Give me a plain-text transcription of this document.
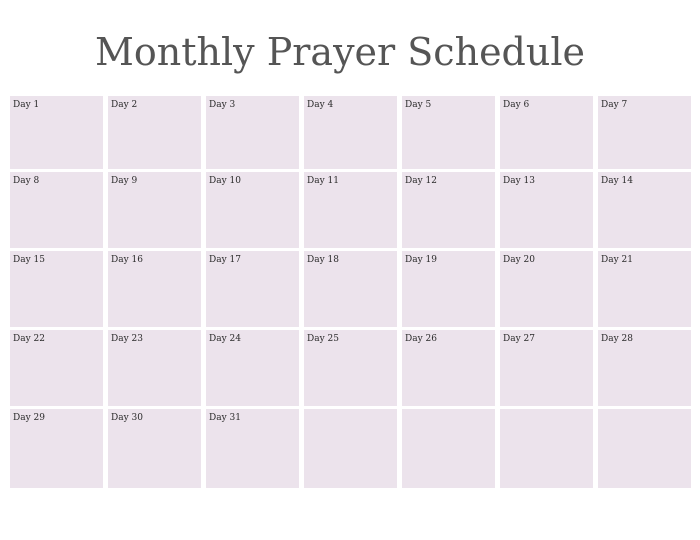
Monthly Prayer Schedule
Day 1	Day 2	Day 3	Day 4	Day 5	Day 6	Day 7
Day 8	Day 9	Day 10	Day 11	Day 12	Day 13	Day 14
Day 15	Day 16	Day 17	Day 18	Day 19	Day 20	Day 21
Day 22	Day 23	Day 24	Day 25	Day 26	Day 27	Day 28
Day 29	Day 30	Day 31
